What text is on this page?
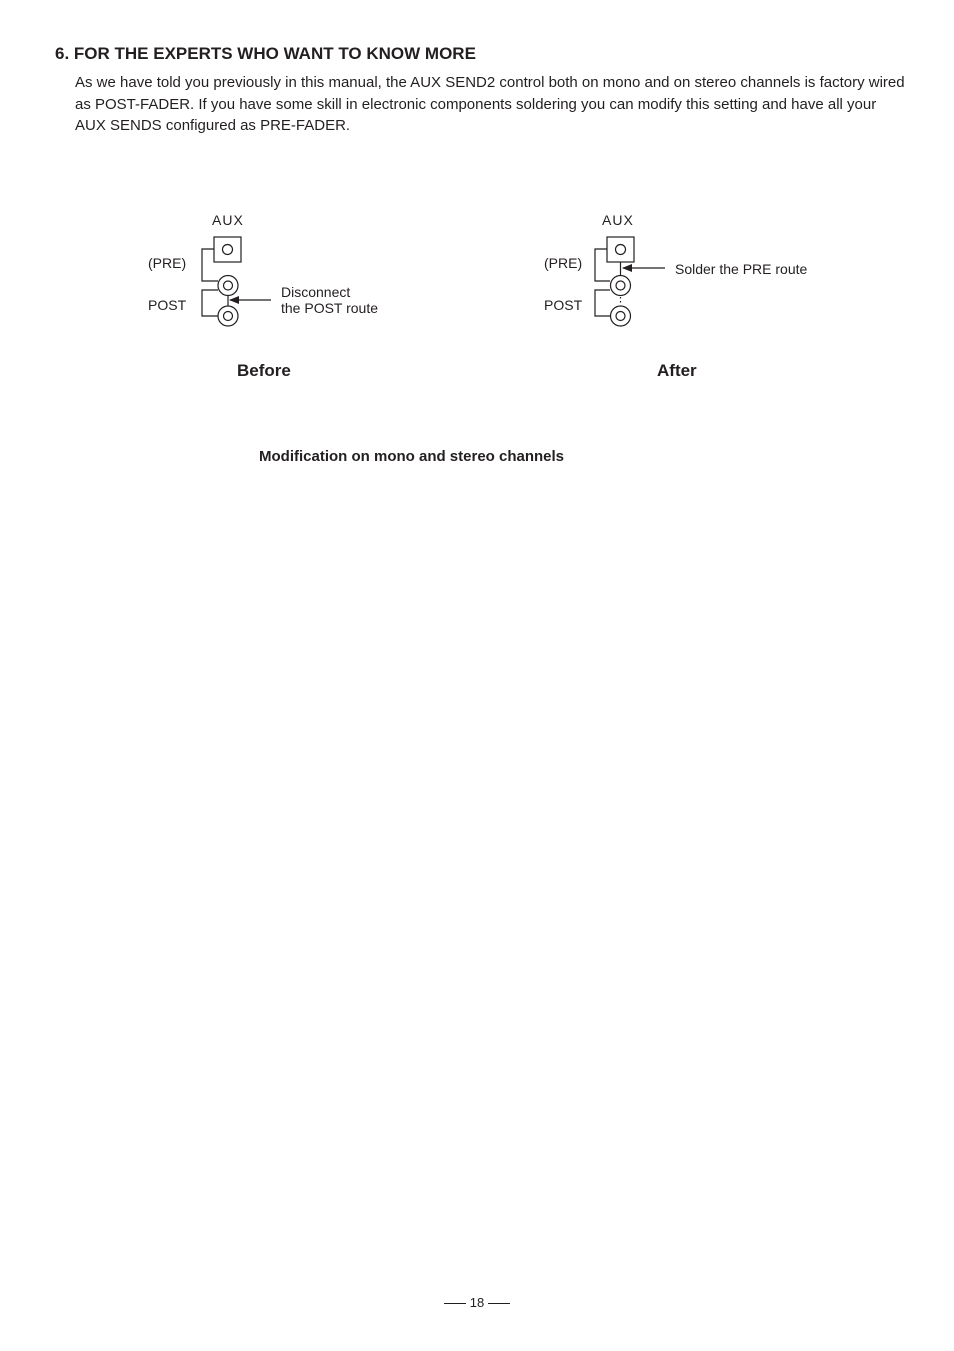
6. FOR THE EXPERTS WHO WANT TO KNOW MORE

As we have told you previously in this manual, the AUX SEND2 control both on mono and on stereo channels is factory wired as POST-FADER. If you have some skill in electronic components soldering you can modify this setting and have all your AUX SENDS configured as PRE-FADER.

AUX
(PRE)
POST
Disconnect
the POST route
Before
AUX
(PRE)
POST
Solder the PRE route
After
Modification on mono and stereo channels
18
